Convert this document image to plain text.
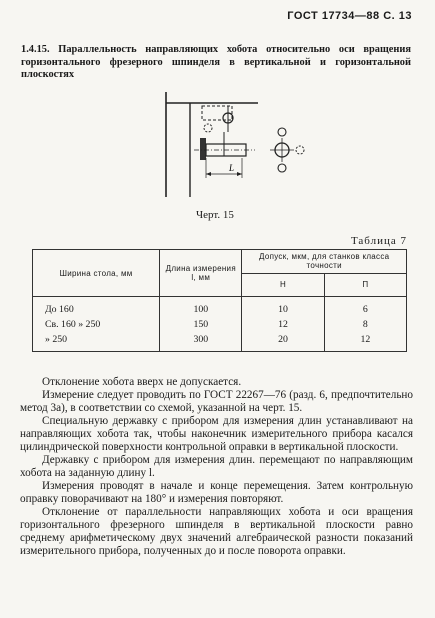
ГОСТ 17734—88 С. 13
1.4.15. Параллельность направляющих хобота относительно оси вращения горизонтального фрезерного шпинделя в вертикальной и горизонтальной плоскостях
L
Черт. 15
Таблица 7
Ширина стола, мм	Длина измерения l, мм	Допуск, мкм, для станков класса точности	
		Н	П
До 160	100	10	6
Св. 160 » 250	150	12	8
» 250	300	20	12

Отклонение хобота вверх не допускается.

Измерение следует проводить по ГОСТ 22267—76 (разд. 6, предпочтительно метод 3а), в соответствии со схемой, указанной на черт. 15.

Специальную державку с прибором для измерения длин устанавливают на направляющих хобота так, чтобы наконечник измерительного прибора касался цилиндрической поверхности контрольной оправки в вертикальной плоскости.

Державку с прибором для измерения длин. перемещают по направляющим хобота на заданную длину l.

Измерения проводят в начале и конце перемещения. Затем контрольную оправку поворачивают на 180° и измерения повторяют.

Отклонение от параллельности направляющих хобота и оси вращения горизонтального фрезерного шпинделя в вертикальной плоскости равно среднему арифметическому двух значений алгебраической разности показаний измерительного прибора, полученных до и после поворота оправки.
